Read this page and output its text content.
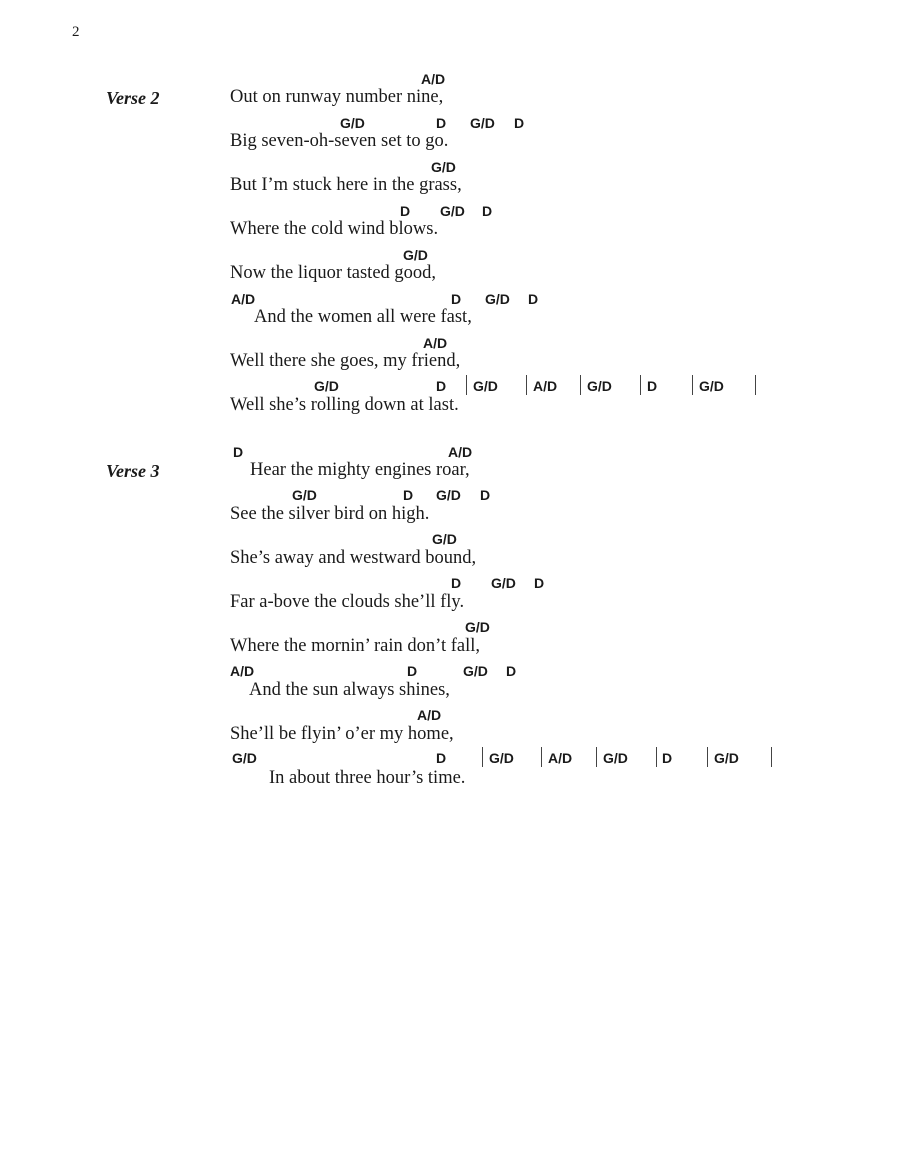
2
Verse 2
A/D
Out on runway number nine,
G/D	D G/D D
Big seven-oh-seven set to go.
G/D
But I’m stuck here in the grass,
D G/D D
Where the cold wind blows.
G/D
Now the liquor tasted good,
A/D	D G/D D
And the women all were fast,
A/D
Well there she goes, my friend,
G/D	D G/D	A/D G/D	D	G/D
Well she’s rolling down at last.
Verse 3
D	A/D
Hear the mighty engines roar,
G/D	D G/D D
See the silver bird on high.
G/D
She’s away and westward bound,
D G/D D
Far a-bove the clouds she’ll fly.
G/D
Where the mornin’ rain don’t fall,
A/D	D	G/D D
And the sun always shines,
A/D
She’ll be flyin’ o’er my home,
G/D	D	G/D A/D G/D D	G/D
In about three hour’s time.
